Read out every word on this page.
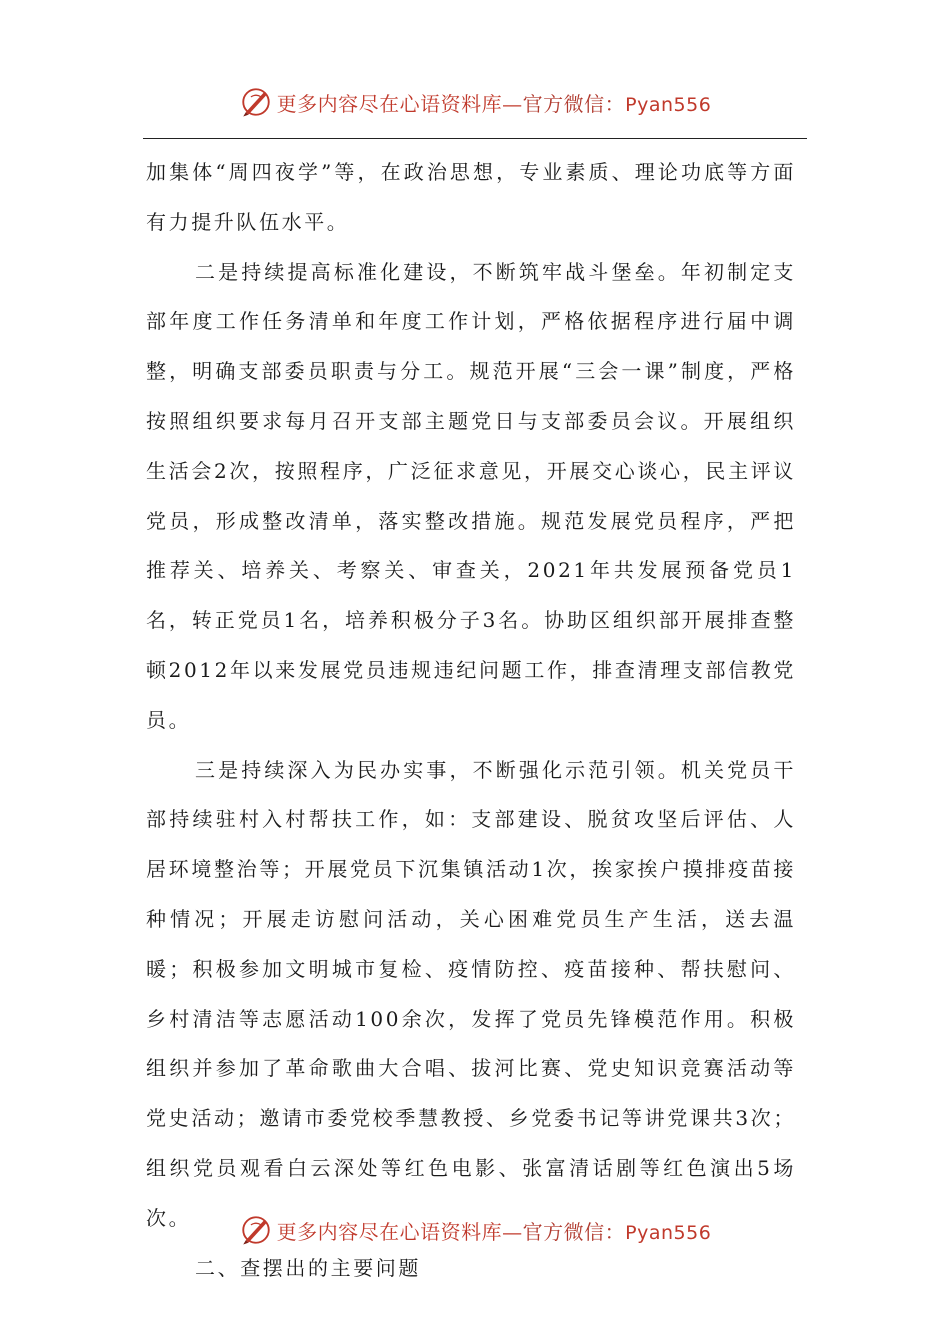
更多内容尽在心语资料库—官方微信：Pyan556

加集体“周四夜学”等，在政治思想，专业素质、理论功底等方面有力提升队伍水平。

二是持续提高标准化建设，不断筑牢战斗堡垒。年初制定支部年度工作任务清单和年度工作计划，严格依据程序进行届中调整，明确支部委员职责与分工。规范开展“三会一课”制度，严格按照组织要求每月召开支部主题党日与支部委员会议。开展组织生活会2次，按照程序，广泛征求意见，开展交心谈心，民主评议党员，形成整改清单，落实整改措施。规范发展党员程序，严把推荐关、培养关、考察关、审查关，2021年共发展预备党员1名，转正党员1名，培养积极分子3名。协助区组织部开展排查整顿2012年以来发展党员违规违纪问题工作，排查清理支部信教党员。

三是持续深入为民办实事，不断强化示范引领。机关党员干部持续驻村入村帮扶工作，如：支部建设、脱贫攻坚后评估、人居环境整治等；开展党员下沉集镇活动1次，挨家挨户摸排疫苗接种情况；开展走访慰问活动，关心困难党员生产生活，送去温暖；积极参加文明城市复检、疫情防控、疫苗接种、帮扶慰问、乡村清洁等志愿活动100余次，发挥了党员先锋模范作用。积极组织并参加了革命歌曲大合唱、拔河比赛、党史知识竞赛活动等党史活动；邀请市委党校季慧教授、乡党委书记等讲党课共3次；组织党员观看白云深处等红色电影、张富清话剧等红色演出5场次。

二、查摆出的主要问题

更多内容尽在心语资料库—官方微信：Pyan556
